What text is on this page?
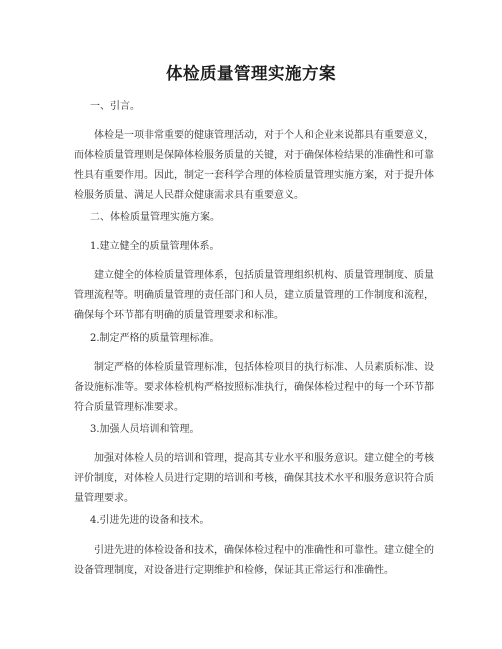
体检质量管理实施方案

一、引言。

体检是一项非常重要的健康管理活动，对于个人和企业来说都具有重要意义，而体检质量管理则是保障体检服务质量的关键，对于确保体检结果的准确性和可靠性具有重要作用。因此，制定一套科学合理的体检质量管理实施方案，对于提升体检服务质量、满足人民群众健康需求具有重要意义。

二、体检质量管理实施方案。

1.建立健全的质量管理体系。

建立健全的体检质量管理体系，包括质量管理组织机构、质量管理制度、质量管理流程等。明确质量管理的责任部门和人员，建立质量管理的工作制度和流程，确保每个环节都有明确的质量管理要求和标准。

2.制定严格的质量管理标准。

制定严格的体检质量管理标准，包括体检项目的执行标准、人员素质标准、设备设施标准等。要求体检机构严格按照标准执行，确保体检过程中的每一个环节都符合质量管理标准要求。

3.加强人员培训和管理。

加强对体检人员的培训和管理，提高其专业水平和服务意识。建立健全的考核评价制度，对体检人员进行定期的培训和考核，确保其技术水平和服务意识符合质量管理要求。

4.引进先进的设备和技术。

引进先进的体检设备和技术，确保体检过程中的准确性和可靠性。建立健全的设备管理制度，对设备进行定期维护和检修，保证其正常运行和准确性。
